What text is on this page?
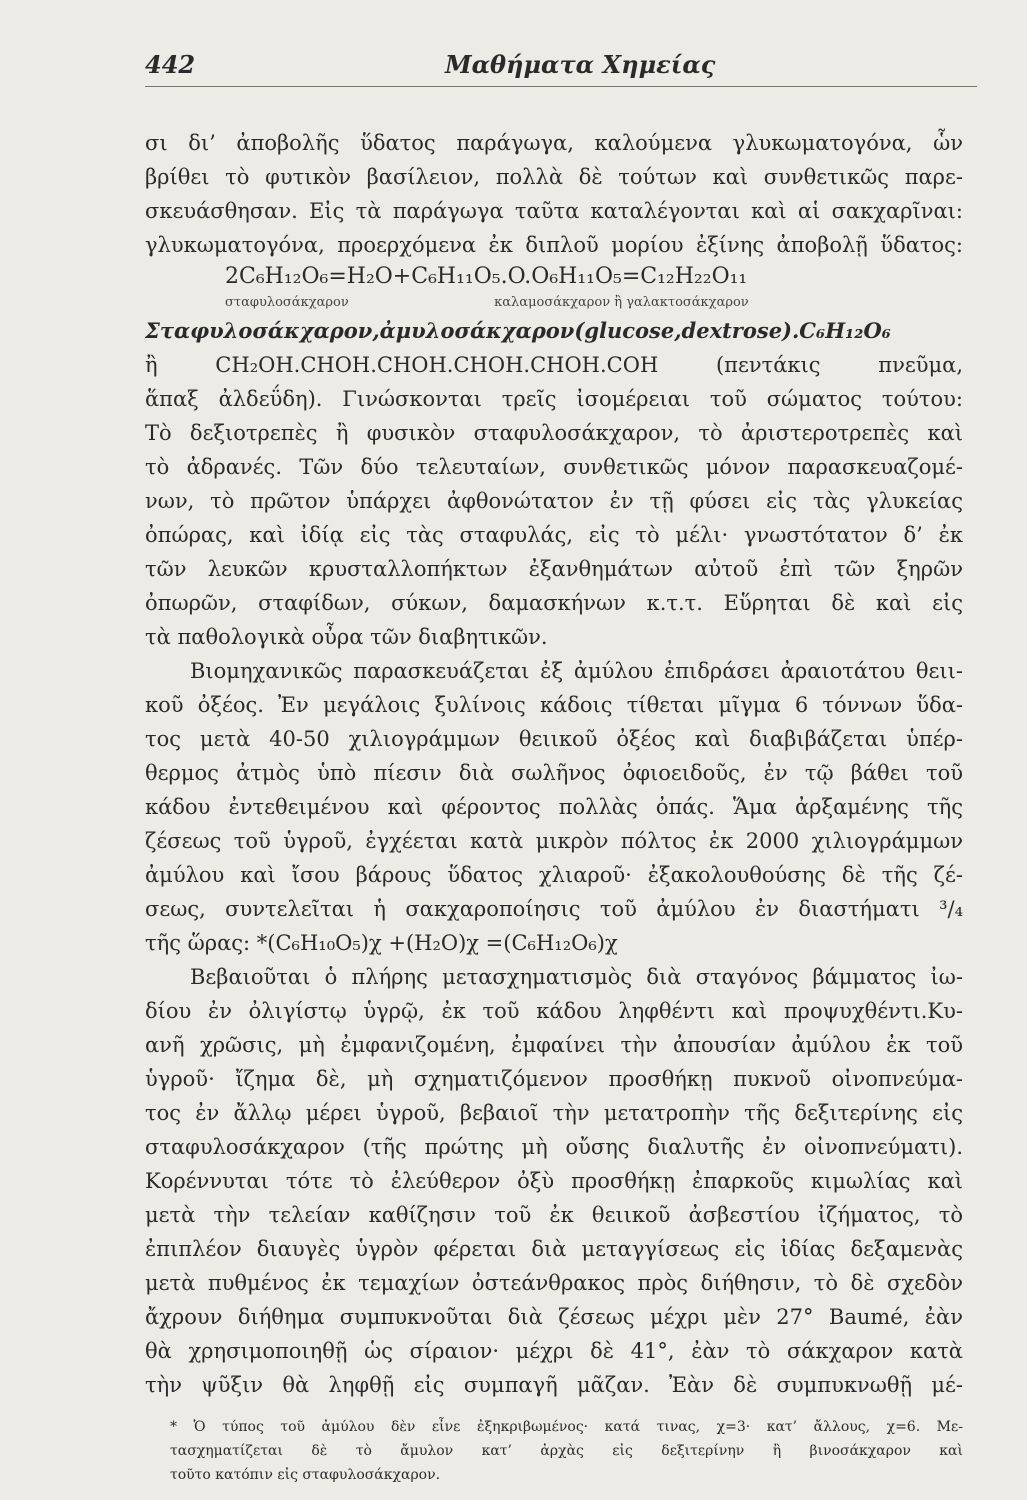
442	Μαθήματα Χημείας
σι δι’ ἀποβολῆς ὕδατος παράγωγα, καλούμενα γλυκωματογόνα, ὧν
βρίθει τὸ φυτικὸν βασίλειον, πολλὰ δὲ τούτων καὶ συνθετικῶς παρε-
σκευάσθησαν. Εἰς τὰ παράγωγα ταῦτα καταλέγονται καὶ αἱ σακχαρῖναι:
γλυκωματογόνα, προερχόμενα ἐκ διπλοῦ μορίου ἐξίνης ἀποβολῇ ὕδατος:
2C₆H₁₂O₆=H₂O+C₆H₁₁O₅.O.O₆H₁₁O₅=C₁₂H₂₂O₁₁
σταφυλοσάκχαρον	καλαμοσάκχαρον ἢ γαλακτοσάκχαρον
Σταφυλοσάκχαρον,ἀμυλοσάκχαρον(glucose,dextrose).C₆H₁₂O₆
ἢ CH₂OH.CHOH.CHOH.CHOH.CHOH.COH (πεντάκις πνεῦμα,
ἅπαξ ἀλδεΰδη). Γινώσκονται τρεῖς ἰσομέρειαι τοῦ σώματος τούτου:
Τὸ δεξιοτρεπὲς ἢ φυσικὸν σταφυλοσάκχαρον, τὸ ἀριστεροτρεπὲς καὶ
τὸ ἀδρανές. Τῶν δύο τελευταίων, συνθετικῶς μόνον παρασκευαζομέ-
νων, τὸ πρῶτον ὑπάρχει ἀφθονώτατον ἐν τῇ φύσει εἰς τὰς γλυκείας
ὀπώρας, καὶ ἰδίᾳ εἰς τὰς σταφυλάς, εἰς τὸ μέλι· γνωστότατον δ’ ἐκ
τῶν λευκῶν κρυσταλλοπήκτων ἐξανθημάτων αὐτοῦ ἐπὶ τῶν ξηρῶν
ὀπωρῶν, σταφίδων, σύκων, δαμασκήνων κ.τ.τ. Εὕρηται δὲ καὶ εἰς
τὰ παθολογικὰ οὖρα τῶν διαβητικῶν.
Βιομηχανικῶς παρασκευάζεται ἐξ ἀμύλου ἐπιδράσει ἀραιοτάτου θειι-
κοῦ ὀξέος. Ἐν μεγάλοις ξυλίνοις κάδοις τίθεται μῖγμα 6 τόννων ὕδα-
τος μετὰ 40-50 χιλιογράμμων θειικοῦ ὀξέος καὶ διαβιβάζεται ὑπέρ-
θερμος ἀτμὸς ὑπὸ πίεσιν διὰ σωλῆνος ὀφιοειδοῦς, ἐν τῷ βάθει τοῦ
κάδου ἐντεθειμένου καὶ φέροντος πολλὰς ὀπάς. Ἅμα ἀρξαμένης τῆς
ζέσεως τοῦ ὑγροῦ, ἐγχέεται κατὰ μικρὸν πόλτος ἐκ 2000 χιλιογράμμων
ἀμύλου καὶ ἴσου βάρους ὕδατος χλιαροῦ· ἐξακολουθούσης δὲ τῆς ζέ-
σεως, συντελεῖται ἡ σακχαροποίησις τοῦ ἀμύλου ἐν διαστήματι ³/₄
τῆς ὥρας: *(C₆H₁₀O₅)χ +(H₂O)χ =(C₆H₁₂O₆)χ
Βεβαιοῦται ὁ πλήρης μετασχηματισμὸς διὰ σταγόνος βάμματος ἰω-
δίου ἐν ὀλιγίστῳ ὑγρῷ, ἐκ τοῦ κάδου ληφθέντι καὶ προψυχθέντι.Κυ-
ανῆ χρῶσις, μὴ ἐμφανιζομένη, ἐμφαίνει τὴν ἀπουσίαν ἀμύλου ἐκ τοῦ
ὑγροῦ· ἴζημα δὲ, μὴ σχηματιζόμενον προσθήκῃ πυκνοῦ οἰνοπνεύμα-
τος ἐν ἄλλῳ μέρει ὑγροῦ, βεβαιοῖ τὴν μετατροπὴν τῆς δεξιτερίνης εἰς
σταφυλοσάκχαρον (τῆς πρώτης μὴ οὔσης διαλυτῆς ἐν οἰνοπνεύματι).
Κορέννυται τότε τὸ ἐλεύθερον ὀξὺ προσθήκῃ ἐπαρκοῦς κιμωλίας καὶ
μετὰ τὴν τελείαν καθίζησιν τοῦ ἐκ θειικοῦ ἀσβεστίου ἰζήματος, τὸ
ἐπιπλέον διαυγὲς ὑγρὸν φέρεται διὰ μεταγγίσεως εἰς ἰδίας δεξαμενὰς
μετὰ πυθμένος ἐκ τεμαχίων ὀστεάνθρακος πρὸς διήθησιν, τὸ δὲ σχεδὸν
ἄχρουν διήθημα συμπυκνοῦται διὰ ζέσεως μέχρι μὲν 27° Baumé, ἐὰν
θὰ χρησιμοποιηθῇ ὡς σίραιον· μέχρι δὲ 41°, ἐὰν τὸ σάκχαρον κατὰ
τὴν ψῦξιν θὰ ληφθῇ εἰς συμπαγῆ μᾶζαν. Ἐὰν δὲ συμπυκνωθῇ μέ-
* Ὁ τύπος τοῦ ἀμύλου δὲν εἶνε ἐξηκριβωμένος· κατά τινας, χ=3· κατ’ ἄλλους, χ=6. Με-
τασχηματίζεται δὲ τὸ ἄμυλον κατ’ ἀρχὰς εἰς δεξιτερίνην ἢ βινοσάκχαρον καὶ
τοῦτο κατόπιν εἰς σταφυλοσάκχαρον.
